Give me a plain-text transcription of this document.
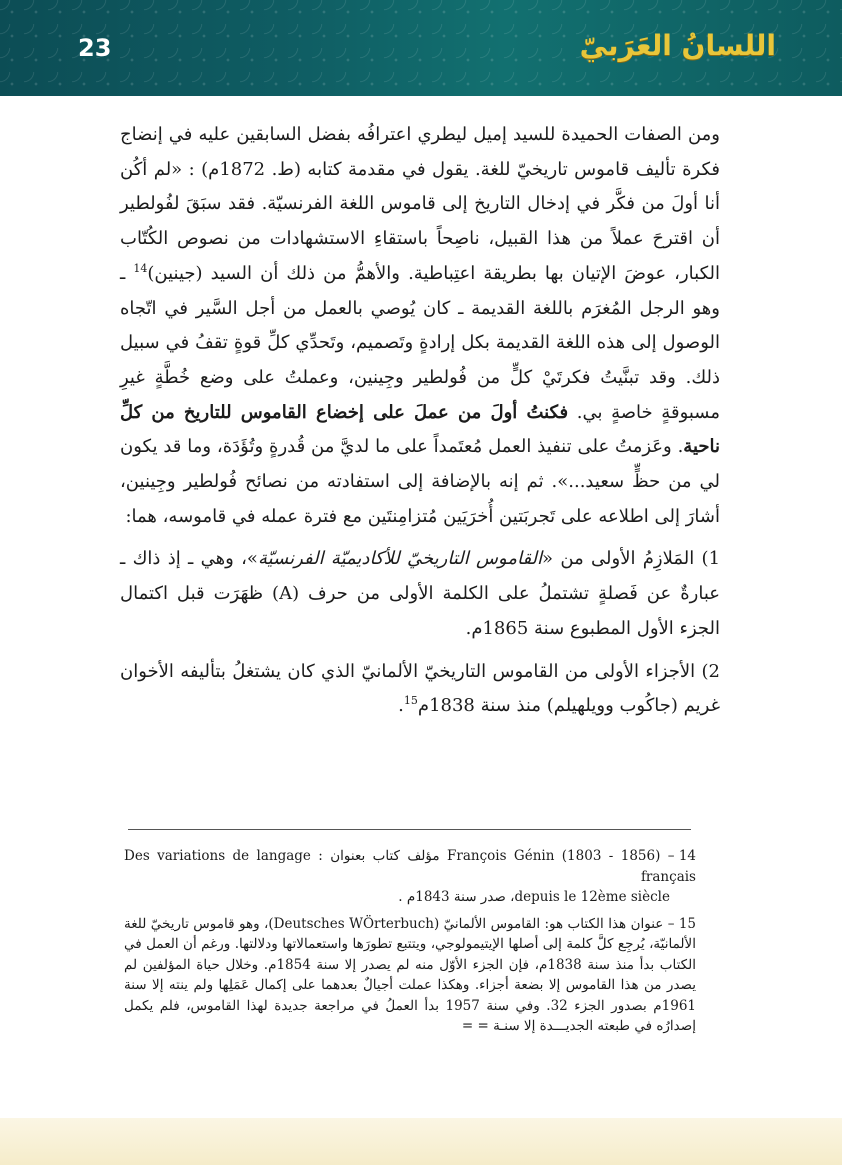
23	اللسانُ العَرَبيّ

ومن الصفات الحميدة للسيد إميل ليطري اعترافُه بفضل السابقين عليه في إنضاج فكرة تأليف قاموس تاريخيّ للغة. يقول في مقدمة كتابه (ط. 1872م) : «لم أكُن أنا أولَ من فكَّر في إدخال التاريخ إلى قاموس اللغة الفرنسيّة. فقد سبَقَ لفُولطير أن اقترحَ عملاً من هذا القبيل، ناصِحاً باستقاءِ الاستشهادات من نصوص الكُتّاب الكبار، عوضَ الإتيان بها بطريقة اعتِباطية. والأهمُّ من ذلك أن السيد (جينين)$^{14}$ ـ وهو الرجل المُغرَم باللغة القديمة ـ كان يُوصي بالعمل من أجل السَّير في اتّجاه الوصول إلى هذه اللغة القديمة بكل إرادةٍ وتَصميم، وتَحدِّي كلِّ قوةٍ تقفُ في سبيل ذلك. وقد تبنَّيتُ فكرتَيْ كلٍّ من فُولطير وجِينين، وعملتُ على وضع خُطَّةٍ غيرِ مسبوقةٍ خاصةٍ بي. فكنتُ أولَ من عملَ على إخضاع القاموس للتاريخ من كلِّ ناحية. وعَزمتُ على تنفيذ العمل مُعتَمداً على ما لديَّ من قُدرةٍ وتُؤَدَة، وما قد يكون لي من حظٍّ سعيد...». ثم إنه بالإضافة إلى استفادته من نصائح فُولطير وجِينين، أشارَ إلى اطلاعه على تَجربَتين أُخرَيَين مُتزامِنتَين مع فترة عمله في قاموسه، هما:

1) المَلازِمُ الأولى من «القاموس التاريخيّ للأكاديميّة الفرنسيّة»، وهي ـ إذ ذاك ـ عبارةٌ عن فَصلةٍ تشتملُ على الكلمة الأولى من حرف (A) ظهَرَت قبل اكتمال الجزء الأول المطبوع سنة 1865م.

2) الأجزاء الأولى من القاموس التاريخيّ الألمانيّ الذي كان يشتغلُ بتأليفه الأخوان غريم (جاكُوب وويلهيلم) منذ سنة 1838م$^{15}$.

14 – François Génin (1803 - 1856) مؤلف كتاب بعنوان : Des variations de langage français
depuis le 12ème siècle، صدر سنة 1843م .

15 – عنوان هذا الكتاب هو: القاموس الألمانيّ (Deutsches WÖrterbuch)، وهو قاموس تاريخيّ للغة الألمانيّة، يُرجِع كلَّ كلمة إلى أصلها الإيتيمولوجي، ويتتبع تطورَها واستعمالاتها ودلالتها. ورغم أن العمل في الكتاب بدأ منذ سنة 1838م، فإن الجزء الأوّل منه لم يصدر إلا سنة 1854م. وخلال حياة المؤلفين لم يصدر من هذا القاموس إلا بضعة أجزاء. وهكذا عملت أجيالٌ بعدهما على إكمال عَمَلِها ولم ينته إلا سنة 1961م بصدور الجزء 32. وفي سنة 1957 بدأ العملُ في مراجعة جديدة لهذا القاموس، فلم يكمل إصدارُه في طبعته الجديـــدة إلا سنـة = =
